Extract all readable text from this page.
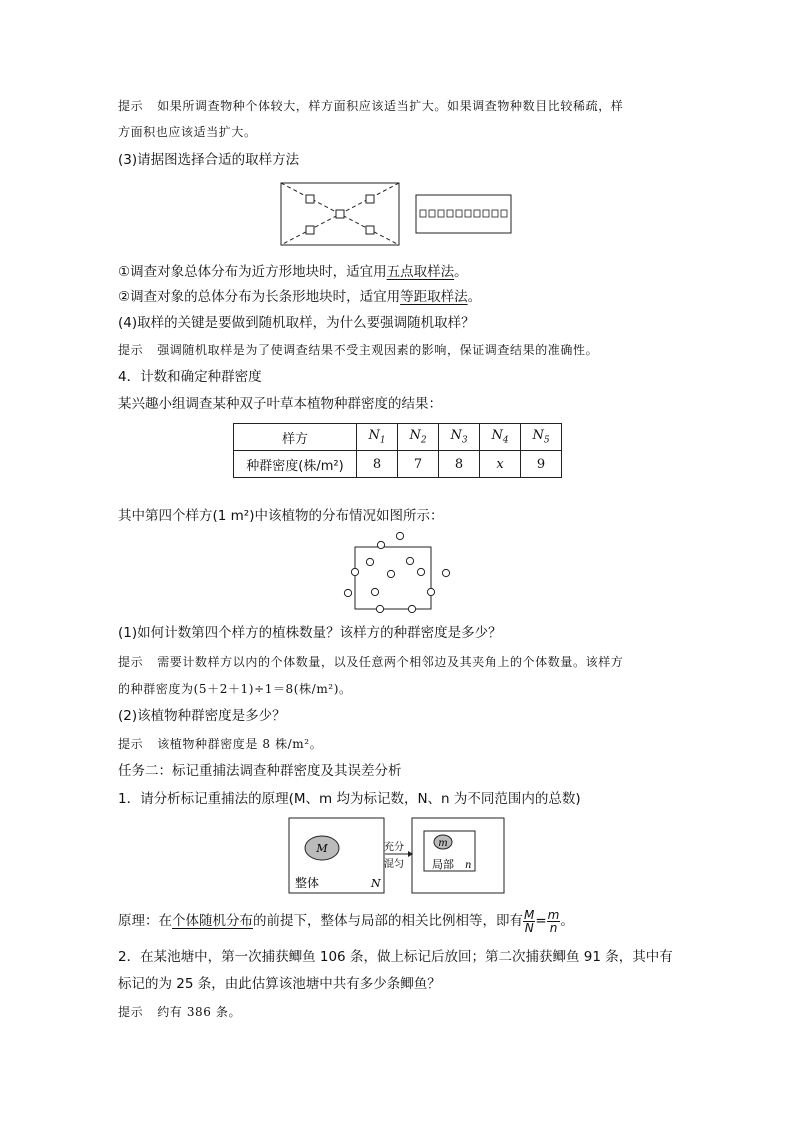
提示 如果所调查物种个体较大，样方面积应该适当扩大。如果调查物种数目比较稀疏，样
方面积也应该适当扩大。
(3)请据图选择合适的取样方法
①调查对象总体分布为近方形地块时，适宜用五点取样法。
②调查对象的总体分布为长条形地块时，适宜用等距取样法。
(4)取样的关键是要做到随机取样，为什么要强调随机取样？
提示 强调随机取样是为了使调查结果不受主观因素的影响，保证调查结果的准确性。
4．计数和确定种群密度
某兴趣小组调查某种双子叶草本植物种群密度的结果：
样方	$N_1$	$N_2$	$N_3$	$N_4$	$N_5$
种群密度(株/m²)	8	7	8	x	9
其中第四个样方(1 m²)中该植物的分布情况如图所示：
(1)如何计数第四个样方的植株数量？该样方的种群密度是多少？
提示 需要计数样方以内的个体数量，以及任意两个相邻边及其夹角上的个体数量。该样方
的种群密度为(5＋2＋1)÷1＝8(株/m²)。
(2)该植物种群密度是多少？
提示 该植物种群密度是 8 株/m²。
任务二：标记重捕法调查种群密度及其误差分析
1．请分析标记重捕法的原理(M、m 均为标记数，N、n 为不同范围内的总数)
M
整体	N
充分
混匀
m
局部 n
原理：在个体随机分布的前提下，整体与局部的相关比例相等，即有 $\frac{M}{N} = \frac{m}{n}$ 。
2．在某池塘中，第一次捕获鲫鱼 106 条，做上标记后放回；第二次捕获鲫鱼 91 条，其中有
标记的为 25 条，由此估算该池塘中共有多少条鲫鱼？
提示 约有 386 条。
